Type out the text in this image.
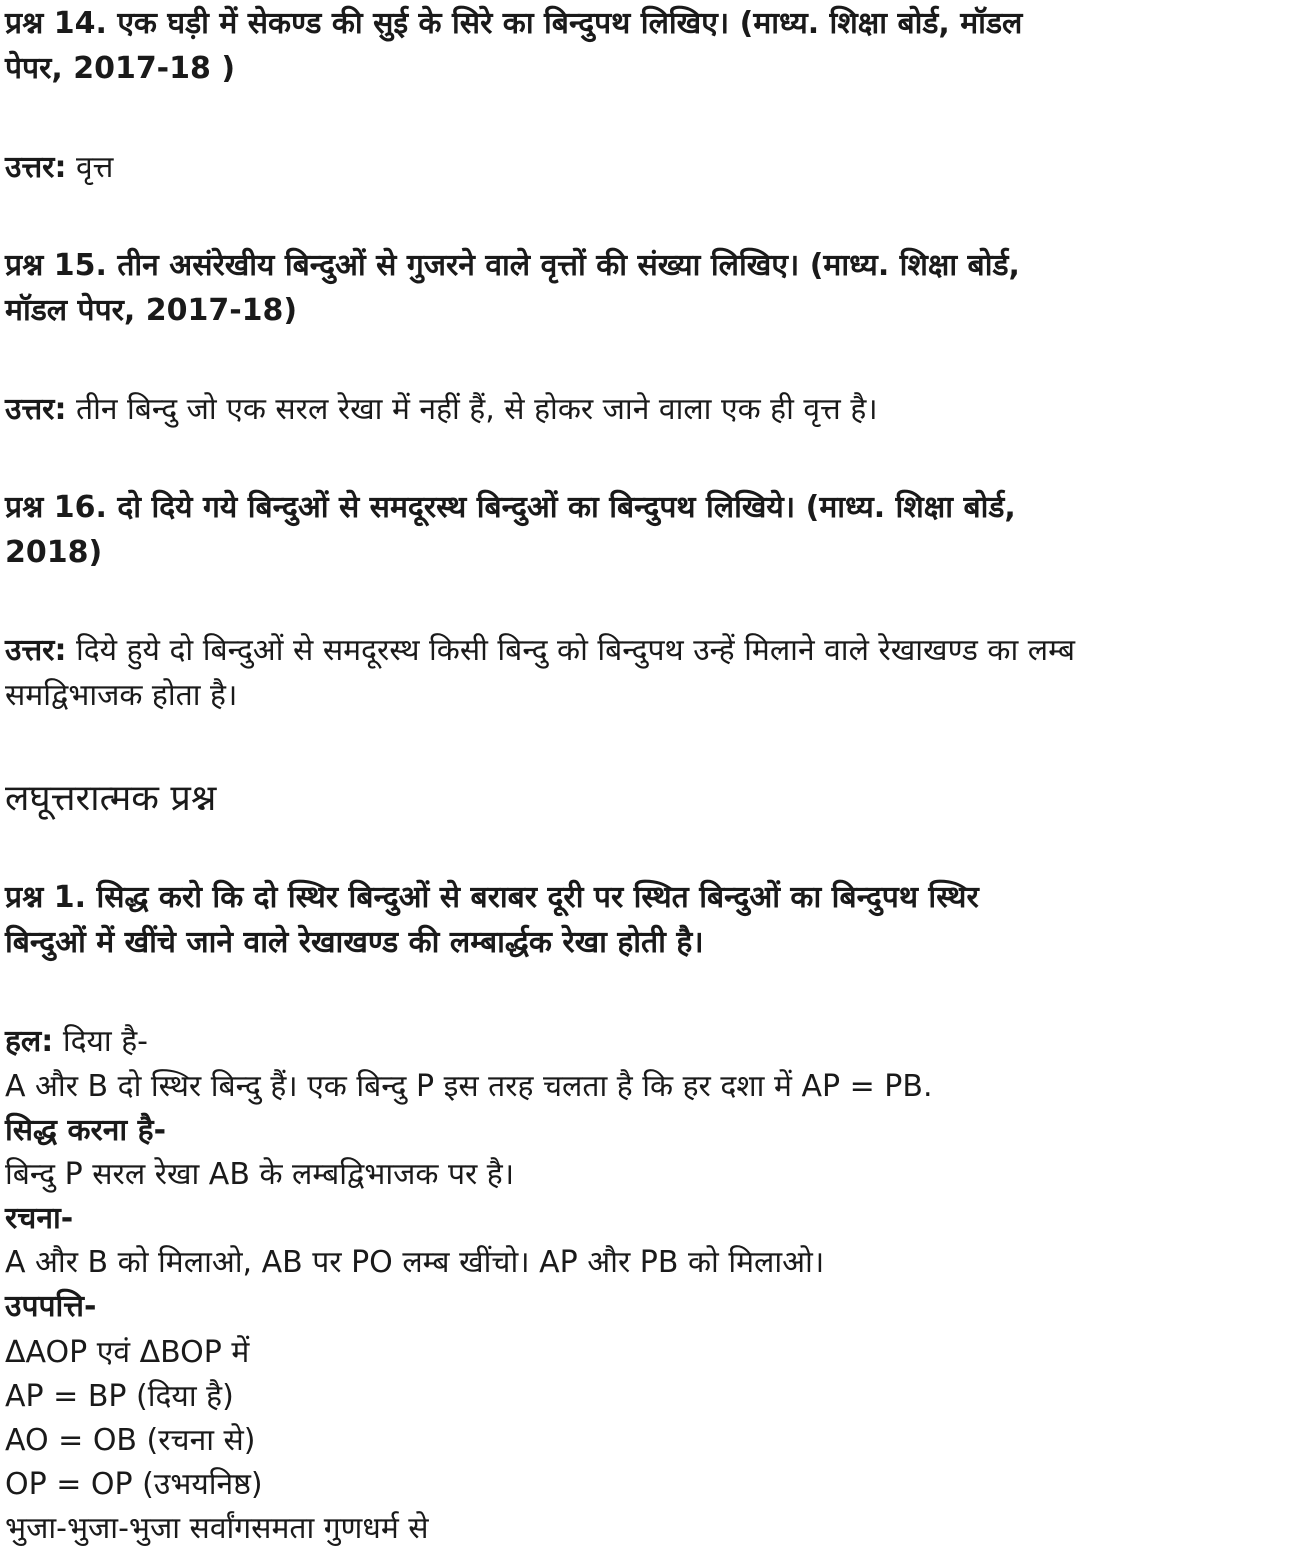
प्रश्न 14. एक घड़ी में सेकण्ड की सुई के सिरे का बिन्दुपथ लिखिए। (माध्य. शिक्षा बोर्ड, मॉडल
पेपर, 2017-18 )
उत्तर: वृत्त
प्रश्न 15. तीन असंरेखीय बिन्दुओं से गुजरने वाले वृत्तों की संख्या लिखिए। (माध्य. शिक्षा बोर्ड,
मॉडल पेपर, 2017-18)
उत्तर: तीन बिन्दु जो एक सरल रेखा में नहीं हैं, से होकर जाने वाला एक ही वृत्त है।
प्रश्न 16. दो दिये गये बिन्दुओं से समदूरस्थ बिन्दुओं का बिन्दुपथ लिखिये। (माध्य. शिक्षा बोर्ड,
2018)
उत्तर: दिये हुये दो बिन्दुओं से समदूरस्थ किसी बिन्दु को बिन्दुपथ उन्हें मिलाने वाले रेखाखण्ड का लम्ब
समद्विभाजक होता है।
लघूत्तरात्मक प्रश्न
प्रश्न 1. सिद्ध करो कि दो स्थिर बिन्दुओं से बराबर दूरी पर स्थित बिन्दुओं का बिन्दुपथ स्थिर
बिन्दुओं में खींचे जाने वाले रेखाखण्ड की लम्बार्द्धक रेखा होती है।
हल: दिया है-
A और B दो स्थिर बिन्दु हैं। एक बिन्दु P इस तरह चलता है कि हर दशा में AP = PB.
सिद्ध करना है-
बिन्दु P सरल रेखा AB के लम्बद्विभाजक पर है।
रचना-
A और B को मिलाओ, AB पर PO लम्ब खींचो। AP और PB को मिलाओ।
उपपत्ति-
ΔAOP एवं ΔBOP में
AP = BP (दिया है)
AO = OB (रचना से)
OP = OP (उभयनिष्ठ)
भुजा-भुजा-भुजा सर्वांगसमता गुणधर्म से
